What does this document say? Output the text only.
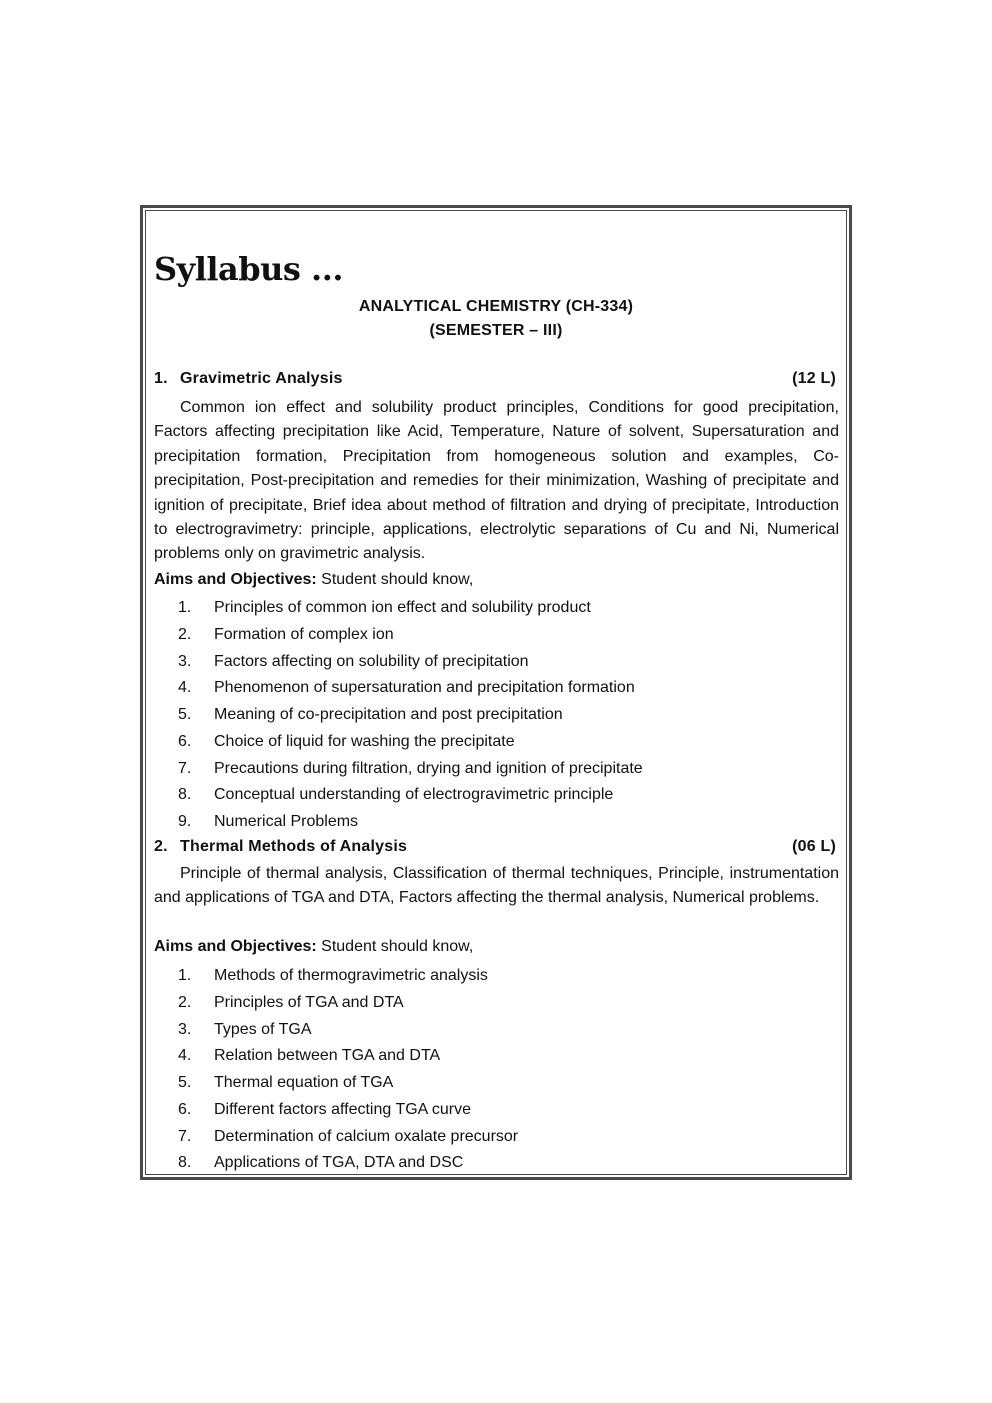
Syllabus ...
ANALYTICAL CHEMISTRY (CH-334)
(SEMESTER – III)
1. Gravimetric Analysis	(12 L)

Common ion effect and solubility product principles, Conditions for good precipitation, Factors affecting precipitation like Acid, Temperature, Nature of solvent, Supersaturation and precipitation formation, Precipitation from homogeneous solution and examples, Co-precipitation, Post-precipitation and remedies for their minimization, Washing of precipitate and ignition of precipitate, Brief idea about method of filtration and drying of precipitate, Introduction to electrogravimetry: principle, applications, electrolytic separations of Cu and Ni, Numerical problems only on gravimetric analysis.

Aims and Objectives: Student should know,
1. Principles of common ion effect and solubility product
2. Formation of complex ion
3. Factors affecting on solubility of precipitation
4. Phenomenon of supersaturation and precipitation formation
5. Meaning of co-precipitation and post precipitation
6. Choice of liquid for washing the precipitate
7. Precautions during filtration, drying and ignition of precipitate
8. Conceptual understanding of electrogravimetric principle
9. Numerical Problems
2. Thermal Methods of Analysis	(06 L)

Principle of thermal analysis, Classification of thermal techniques, Principle, instrumentation and applications of TGA and DTA, Factors affecting the thermal analysis, Numerical problems.

Aims and Objectives: Student should know,
1. Methods of thermogravimetric analysis
2. Principles of TGA and DTA
3. Types of TGA
4. Relation between TGA and DTA
5. Thermal equation of TGA
6. Different factors affecting TGA curve
7. Determination of calcium oxalate precursor
8. Applications of TGA, DTA and DSC
